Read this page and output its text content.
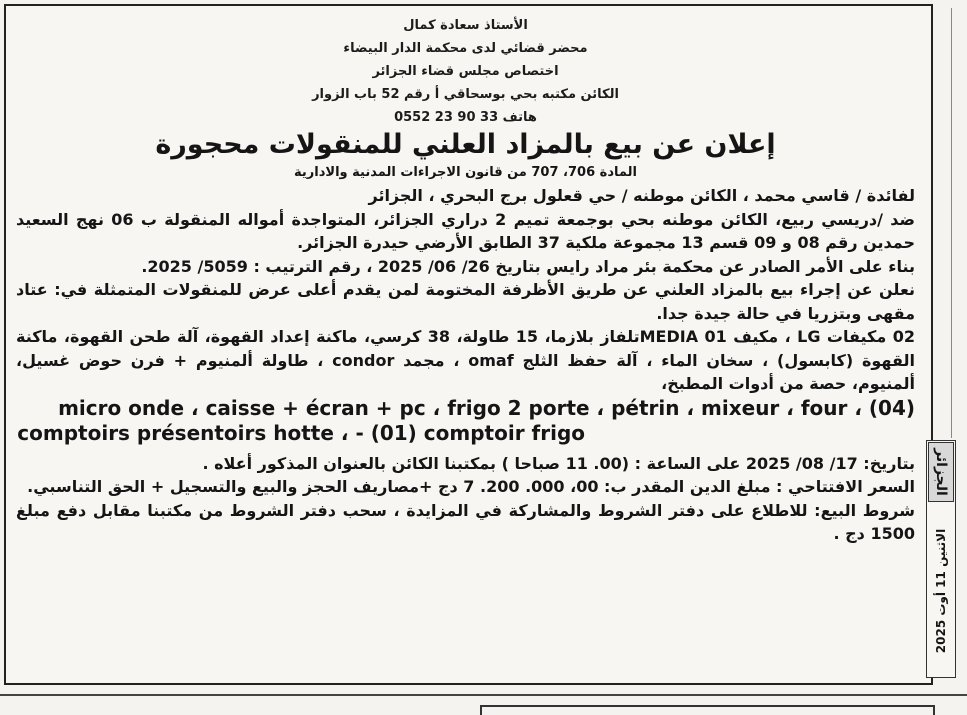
الأستاذ سعادة كمال
محضر قضائي لدى محكمة الدار البيضاء
اختصاص مجلس قضاء الجزائر
الكائن مكتبه بحي بوسحاقي أ رقم 52 باب الزوار
هاتف 33 90 23 0552
إعلان عن بيع بالمزاد العلني للمنقولات محجورة
المادة 706، 707 من قانون الاجراءات المدنية والادارية
لفائدة / قاسي محمد ، الكائن موطنه / حي قعلول برج البحري ، الجزائر
ضد /دريسي ربيع، الكائن موطنه بحي بوجمعة تميم 2 دراري الجزائر، المتواجدة أمواله المنقولة ب 06 نهج السعيد حمدين رقم 08 و 09 قسم 13 مجموعة ملكية 37 الطابق الأرضي حيدرة الجزائر.
بناء على الأمر الصادر عن محكمة بئر مراد رايس بتاريخ 26/ 06/ 2025 ، رقم الترتيب : 5059/ 2025.
نعلن عن إجراء بيع بالمزاد العلني عن طريق الأظرفة المختومة لمن يقدم أعلى عرض للمنقولات المتمثلة في: عتاد مقهى وبتزريا في حالة جيدة جدا.
02 مكيفات LG ، مكيف MEDIA 01تلفاز بلازما، 15 طاولة، 38 كرسي، ماكنة إعداد القهوة، آلة طحن القهوة، ماكنة القهوة (كابسول) ، سخان الماء ، آلة حفظ الثلج omaf ، مجمد condor ، طاولة ألمنيوم + فرن حوض غسيل، ألمنيوم، حصة من أدوات المطبخ،
micro onde ، caisse + écran + pc ، frigo 2 porte ، pétrin ، mixeur ، four ، (04)
comptoirs présentoirs hotte ، - (01) comptoir frigo
بتاريخ: 17/ 08/ 2025 على الساعة : (00. 11 صباحا ) بمكتبنا الكائن بالعنوان المذكور أعلاه .
السعر الافتتاحي : مبلغ الدين المقدر ب: 00، 000. 200. 7 دج +مصاريف الحجز والبيع والتسجيل + الحق التناسبي.
شروط البيع: للاطلاع على دفتر الشروط والمشاركة في المزايدة ، سحب دفتر الشروط من مكتبنا مقابل دفع مبلغ 1500 دج .
الجزائر
الاثنين 11 أوت 2025
